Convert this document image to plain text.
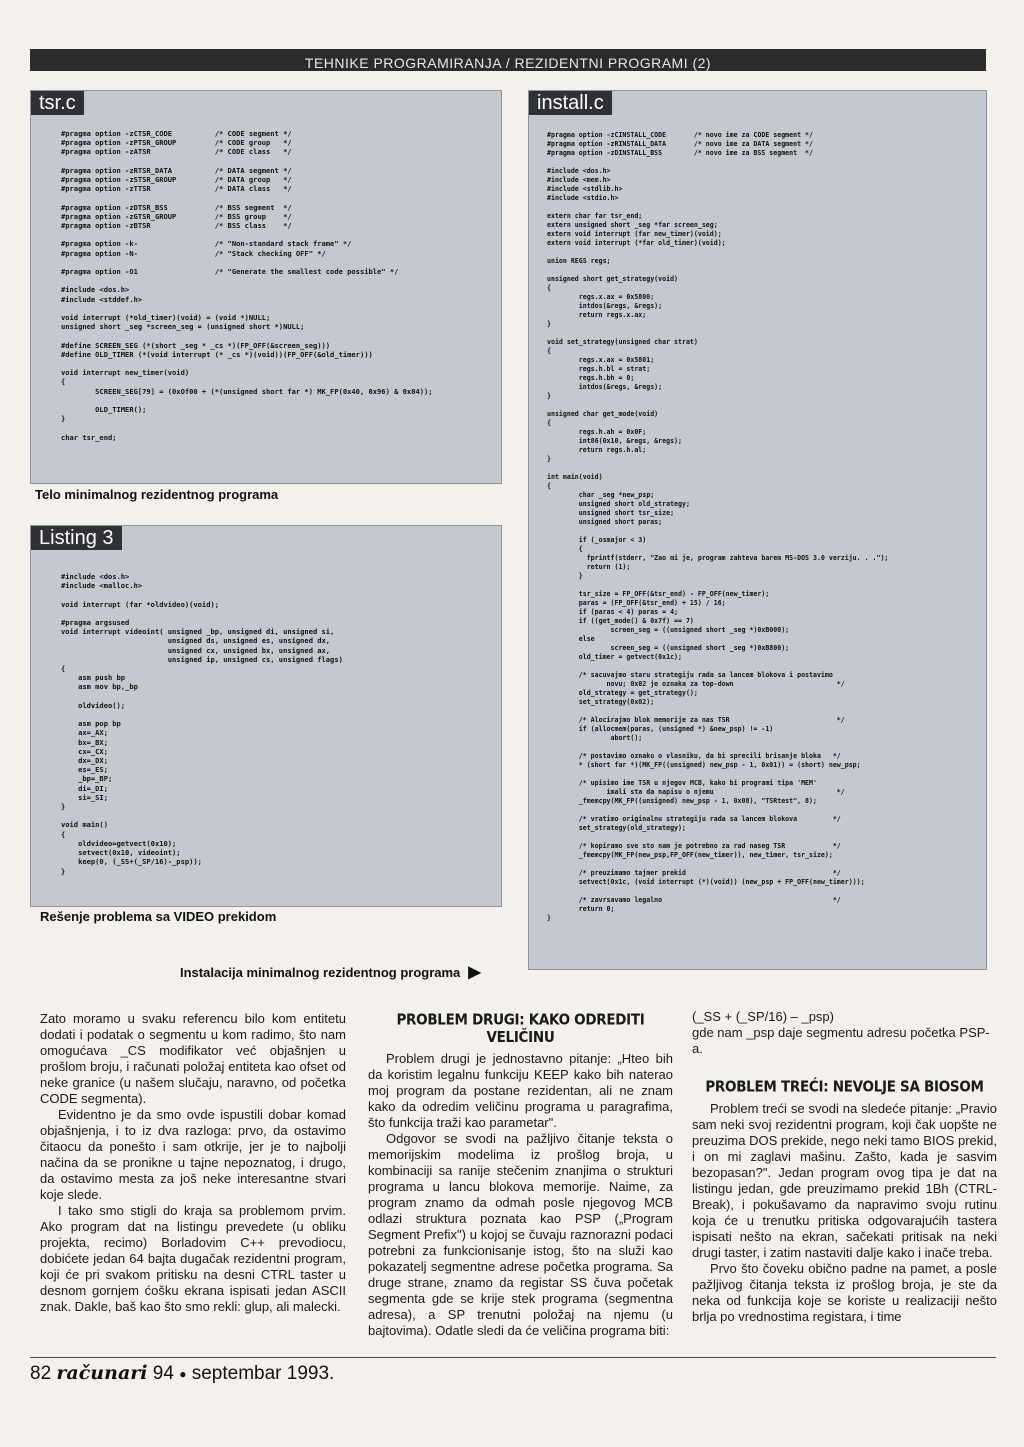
TEHNIKE PROGRAMIRANJA / REZIDENTNI PROGRAMI (2)
tsr.c
#pragma option -zCTSR_CODE          /* CODE segment */
#pragma option -zPTSR_GROUP         /* CODE group   */
#pragma option -zATSR               /* CODE class   */

#pragma option -zRTSR_DATA          /* DATA segment */
#pragma option -zSTSR_GROUP         /* DATA group   */
#pragma option -zTTSR               /* DATA class   */

#pragma option -zDTSR_BSS           /* BSS segment  */
#pragma option -zGTSR_GROUP         /* BSS group    */
#pragma option -zBTSR               /* BSS class    */

#pragma option -k-                  /* "Non-standard stack frame" */
#pragma option -N-                  /* "Stack checking OFF" */

#pragma option -O1                  /* "Generate the smallest code possible" */

#include <dos.h>
#include <stddef.h>

void interrupt (*old_timer)(void) = (void *)NULL;
unsigned short _seg *screen_seg = (unsigned short *)NULL;

#define SCREEN_SEG (*(short _seg * _cs *)(FP_OFF(&screen_seg)))
#define OLD_TIMER (*(void interrupt (* _cs *)(void))(FP_OFF(&old_timer)))

void interrupt new_timer(void)
{
SCREEN_SEG[79] = (0xOf00 + (*(unsigned short far *) MK_FP(0x40, 0x96) & 0x04));

OLD_TIMER();
}

char tsr_end;
Telo minimalnog rezidentnog programa
Listing 3
#include <dos.h>
#include <malloc.h>

void interrupt (far *oldvideo)(void);

#pragma argsused
void interrupt videoint( unsigned _bp, unsigned di, unsigned si,
unsigned ds, unsigned es, unsigned dx,
unsigned cx, unsigned bx, unsigned ax,
unsigned ip, unsigned cs, unsigned flags)
{
asm push bp
asm mov bp,_bp

oldvideo();

asm pop bp
ax=_AX;
bx=_BX;
cx=_CX;
dx=_DX;
es=_ES;
_bp=_BP;
di=_DI;
si=_SI;
}

void main()
{
oldvideo=getvect(0x10);
setvect(0x10, videoint);
keep(0, (_SS+(_SP/16)-_psp));
}
Rešenje problema sa VIDEO prekidom
install.c
#pragma option -zCINSTALL_CODE       /* novo ime za CODE segment */
#pragma option -zRINSTALL_DATA       /* novo ime za DATA segment */
#pragma option -zDINSTALL_BSS        /* novo ime za BSS segment  */

#include <dos.h>
#include <mem.h>
#include <stdlib.h>
#include <stdio.h>

extern char far tsr_end;
extern unsigned short _seg *far screen_seg;
extern void interrupt (far new_timer)(void);
extern void interrupt (*far old_timer)(void);

union REGS regs;

unsigned short get_strategy(void)
{
regs.x.ax = 0x5800;
intdos(&regs, &regs);
return regs.x.ax;
}

void set_strategy(unsigned char strat)
{
regs.x.ax = 0x5801;
regs.h.bl = strat;
regs.h.bh = 0;
intdos(&regs, &regs);
}

unsigned char get_mode(void)
{
regs.h.ah = 0x0F;
int86(0x10, &regs, &regs);
return regs.h.al;
}

int main(void)
{
char _seg *new_psp;
unsigned short old_strategy;
unsigned short tsr_size;
unsigned short paras;

if (_osmajor < 3)
{
fprintf(stderr, "Zao mi je, program zahteva barem MS-DOS 3.0 verziju. . .");
return (1);
}

tsr_size = FP_OFF(&tsr_end) - FP_OFF(new_timer);
paras = (FP_OFF(&tsr_end) + 15) / 16;
if (paras < 4) paras = 4;
if ((get_mode() & 0x7f) == 7)
screen_seg = ((unsigned short _seg *)0xB000);
else
screen_seg = ((unsigned short _seg *)0xB800);
old_timer = getvect(0x1c);

/* sacuvajmo staru strategiju rada sa lancem blokova i postavimo
novu; 0x02 je oznaka za top-down                          */
old_strategy = get_strategy();
set_strategy(0x02);

/* Alocirajmo blok memorije za nas TSR                           */
if (allocmem(paras, (unsigned *) &new_psp) != -1)
abort();

/* postavimo oznaku o vlasniku, da bi sprecili brisanje bloka   */
* (short far *)(MK_FP((unsigned) new_psp - 1, 0x01)) = (short) new_psp;

/* upisimo ime TSR u njegov MCB, kako bi programi tipa 'MEM'
imali sta da napisu o njemu                               */
_fmemcpy(MK_FP((unsigned) new_psp - 1, 0x08), "TSRtest", 8);

/* vratimo originalnu strategiju rada sa lancem blokova         */
set_strategy(old_strategy);

/* kopiramo sve sto nam je potrebno za rad naseg TSR            */
_fmemcpy(MK_FP(new_psp,FP_OFF(new_timer)), new_timer, tsr_size);

/* preuzimamo tajmer prekid                                     */
setvect(0x1c, (void interrupt (*)(void)) (new_psp + FP_OFF(new_timer)));

/* zavrsavamo legalno                                           */
return 0;
}
Instalacija minimalnog rezidentnog programa  ▶

Zato moramo u svaku referencu bilo kom entitetu dodati i podatak o segmentu u kom radimo, što nam omogućava _CS modifikator već objašnjen u prošlom broju, i računati položaj entiteta kao ofset od neke granice (u našem slučaju, naravno, od početka CODE segmenta).

Evidentno je da smo ovde ispustili dobar komad objašnjenja, i to iz dva razloga: prvo, da ostavimo čitaocu da ponešto i sam otkrije, jer je to najbolji načina da se pronikne u tajne nepoznatog, i drugo, da ostavimo mesta za još neke interesantne stvari koje slede.

I tako smo stigli do kraja sa problemom prvim. Ako program dat na listingu prevedete (u obliku projekta, recimo) Borladovim C++ prevodiocu, dobićete jedan 64 bajta dugačak rezidentni program, koji će pri svakom pritisku na desni CTRL taster u desnom gornjem ćošku ekrana ispisati jedan ASCII znak. Dakle, baš kao što smo rekli: glup, ali malecki.

PROBLEM DRUGI: KAKO ODREDITI VELIČINU

Problem drugi je jednostavno pitanje: „Hteo bih da koristim legalnu funkciju KEEP kako bih naterao moj program da postane rezidentan, ali ne znam kako da odredim veličinu programa u paragrafima, što funkcija traži kao parametar".

Odgovor se svodi na pažljivo čitanje teksta o memorijskim modelima iz prošlog broja, u kombinaciji sa ranije stečenim znanjima o strukturi programa u lancu blokova memorije. Naime, za program znamo da odmah posle njegovog MCB odlazi struktura poznata kao PSP („Program Segment Prefix") u kojoj se čuvaju raznorazni podaci potrebni za funkcionisanje istog, što na služi kao pokazatelj segmentne adrese početka programa. Sa druge strane, znamo da registar SS čuva početak segmenta gde se krije stek programa (segmentna adresa), a SP trenutni položaj na njemu (u bajtovima). Odatle sledi da će veličina programa biti:

(_SS + (_SP/16) – _psp)

gde nam _psp daje segmentu adresu početka PSP-a.

PROBLEM TREĆI: NEVOLJE SA BIOSOM

Problem treći se svodi na sledeće pitanje: „Pravio sam neki svoj rezidentni program, koji čak uopšte ne preuzima DOS prekide, nego neki tamo BIOS prekid, i on mi zaglavi mašinu. Zašto, kada je sasvim bezopasan?". Jedan program ovog tipa je dat na listingu jedan, gde preuzimamo prekid 1Bh (CTRL-Break), i pokušavamo da napravimo svoju rutinu koja će u trenutku pritiska odgovarajućih tastera ispisati nešto na ekran, sačekati pritisak na neki drugi taster, i zatim nastaviti dalje kako i inače treba.

Prvo što čoveku obično padne na pamet, a posle pažljivog čitanja teksta iz prošlog broja, je ste da neka od funkcija koje se koriste u realizaciji nešto brlja po vrednostima registara, i time

82 računari 94 ● septembar 1993.
